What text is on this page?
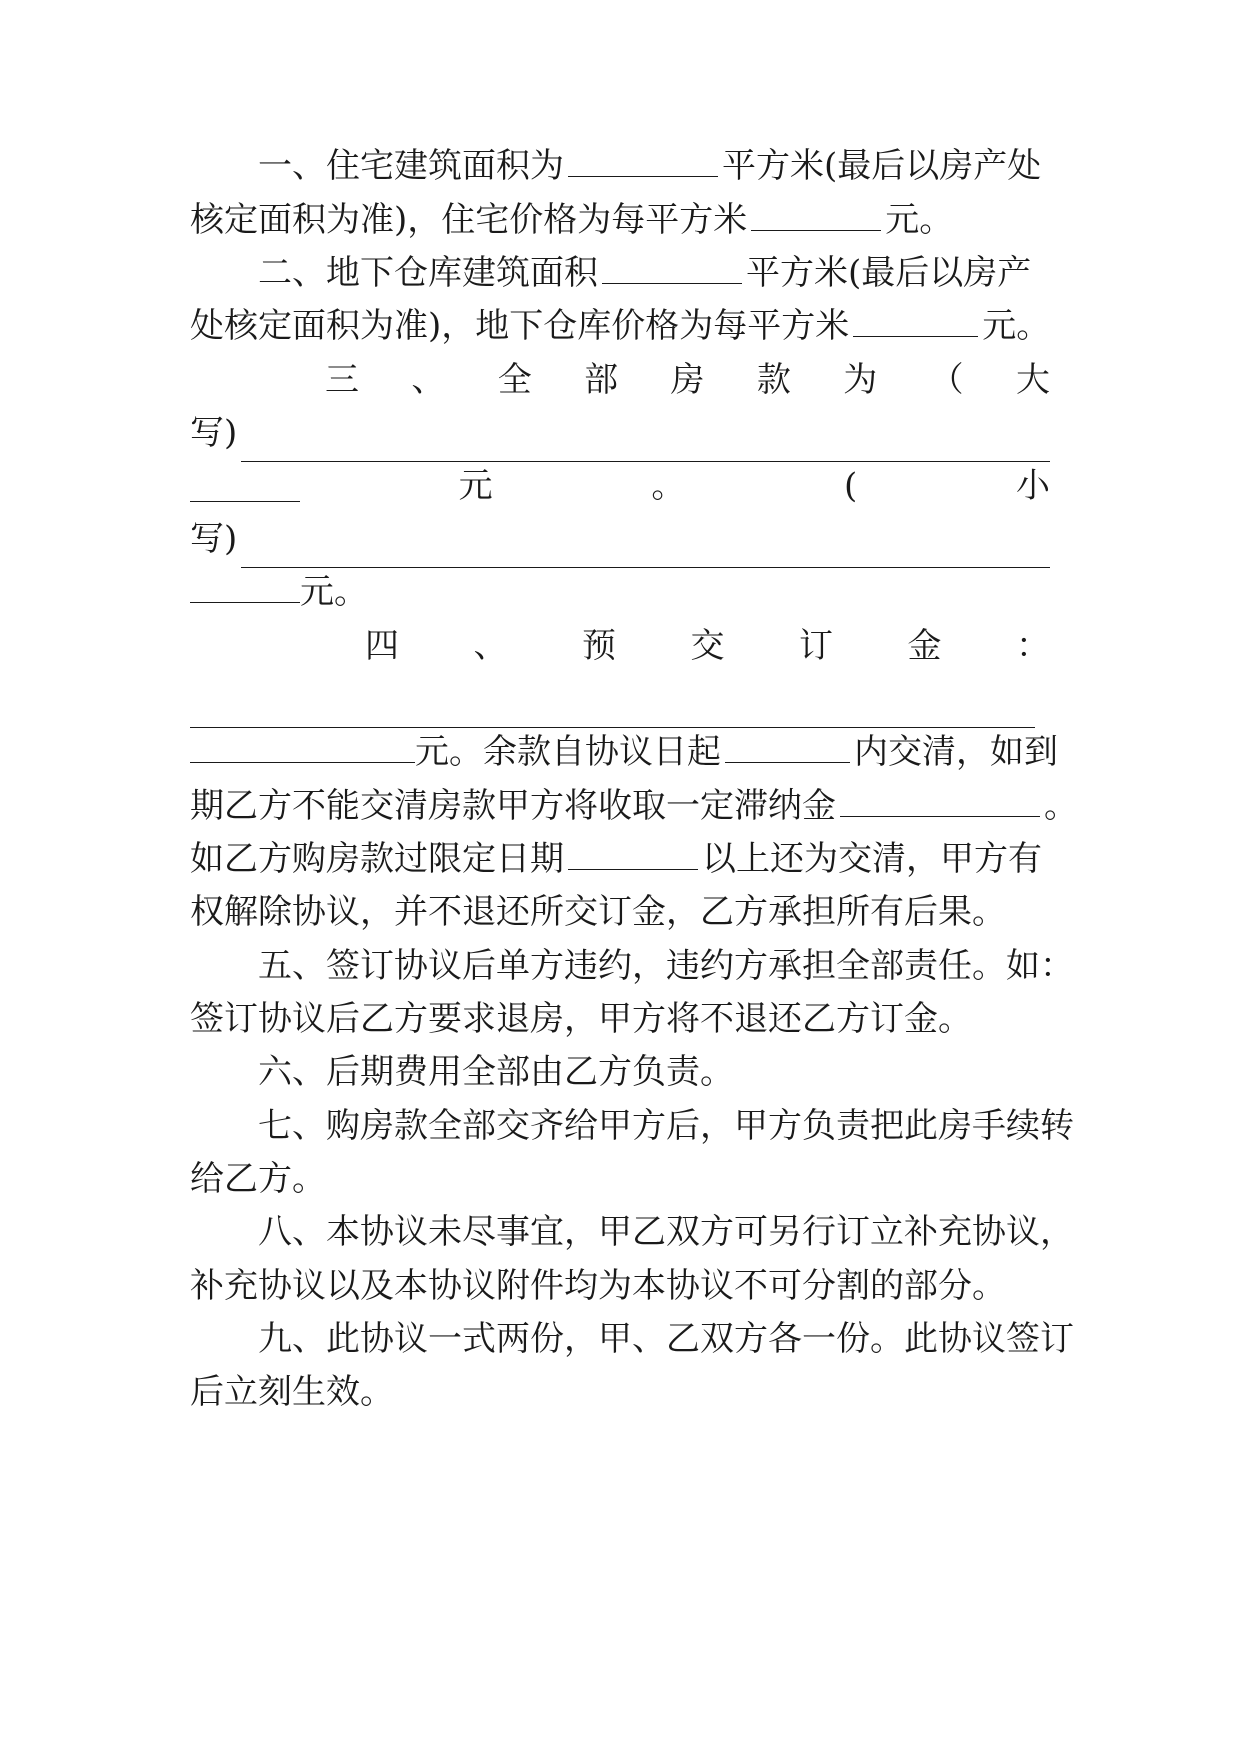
一、住宅建筑面积为	平方米(最后以房产处
核定面积为准)，住宅价格为每平方米	元。
二、地下仓库建筑面积	平方米(最后以房产
处核定面积为准)，地下仓库价格为每平方米	元。
三 、 全 部 房 款 为 （ 大
写)
元	。	(	小
写)
元。
四 、 预 交 订 金 ：
元。余款自协议日起	内交清，如到
期乙方不能交清房款甲方将收取一定滞纳金	。
如乙方购房款过限定日期	以上还为交清，甲方有
权解除协议，并不退还所交订金，乙方承担所有后果。
五、签订协议后单方违约，违约方承担全部责任。如：
签订协议后乙方要求退房，甲方将不退还乙方订金。
六、后期费用全部由乙方负责。
七、购房款全部交齐给甲方后，甲方负责把此房手续转
给乙方。
八、本协议未尽事宜，甲乙双方可另行订立补充协议，
补充协议以及本协议附件均为本协议不可分割的部分。
九、此协议一式两份，甲、乙双方各一份。此协议签订
后立刻生效。
